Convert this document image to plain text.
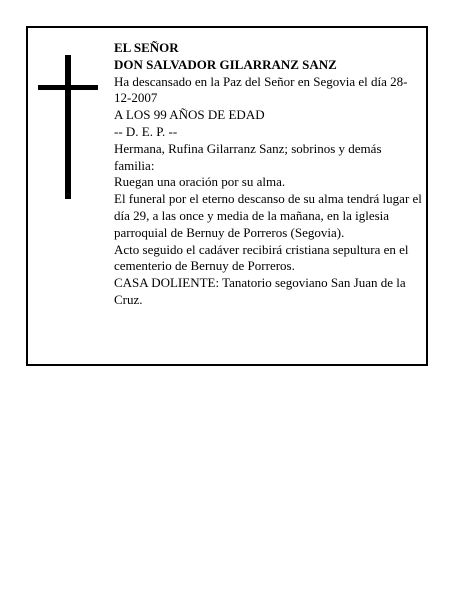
EL SEÑOR

DON SALVADOR GILARRANZ SANZ

Ha descansado en la Paz del Señor en Segovia el día 28-12-2007

A LOS 99 AÑOS DE EDAD

-- D. E. P. --

Hermana, Rufina Gilarranz Sanz; sobrinos y demás familia:

Ruegan una oración por su alma.

El funeral por el eterno descanso de su alma tendrá lugar el día 29, a las once y media de la mañana, en la iglesia parroquial de Bernuy de Porreros (Segovia).

Acto seguido el cadáver recibirá cristiana sepultura en el cementerio de Bernuy de Porreros.

CASA DOLIENTE: Tanatorio segoviano San Juan de la Cruz.
